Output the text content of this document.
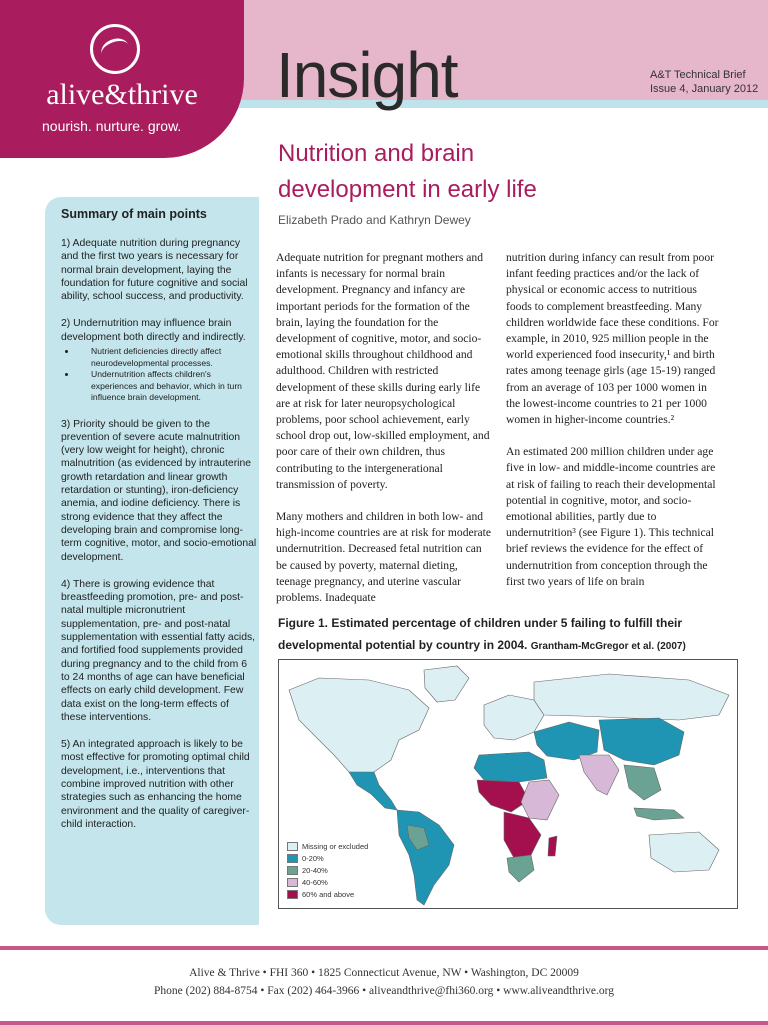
alive&thrive
nourish. nurture. grow.
Insight	A&T Technical Brief
Issue 4, January 2012
Nutrition and brain
development in early life
Elizabeth Prado and Kathryn Dewey
Summary of main points

1) Adequate nutrition during pregnancy and the first two years is necessary for normal brain development, laying the foundation for future cognitive and social ability, school success, and productivity.

2) Undernutrition may influence brain development both directly and indirectly.

• Nutrient deficiencies directly affect neurodevelopmental processes.
• Undernutrition affects children's experiences and behavior, which in turn influence brain development.

3) Priority should be given to the prevention of severe acute malnutrition (very low weight for height), chronic malnutrition (as evidenced by intrauterine growth retardation and linear growth retardation or stunting), iron-deficiency anemia, and iodine deficiency. There is strong evidence that they affect the developing brain and compromise long-term cognitive, motor, and socio-emotional development.

4) There is growing evidence that breastfeeding promotion, pre- and post-natal multiple micronutrient supplementation, pre- and post-natal supplementation with essential fatty acids, and fortified food supplements provided during pregnancy and to the child from 6 to 24 months of age can have beneficial effects on early child development. Few data exist on the long-term effects of these interventions.

5) An integrated approach is likely to be most effective for promoting optimal child development, i.e., interventions that combine improved nutrition with other strategies such as enhancing the home environment and the quality of caregiver-child interaction.

Adequate nutrition for pregnant mothers and infants is necessary for normal brain development. Pregnancy and infancy are important periods for the formation of the brain, laying the foundation for the development of cognitive, motor, and socio-emotional skills throughout childhood and adulthood. Children with restricted development of these skills during early life are at risk for later neuropsychological problems, poor school achievement, early school drop out, low-skilled employment, and poor care of their own children, thus contributing to the intergenerational transmission of poverty.

Many mothers and children in both low- and high-income countries are at risk for moderate undernutrition. Decreased fetal nutrition can be caused by poverty, maternal dieting, teenage pregnancy, and uterine vascular problems. Inadequate

nutrition during infancy can result from poor infant feeding practices and/or the lack of physical or economic access to nutritious foods to complement breastfeeding. Many children worldwide face these conditions. For example, in 2010, 925 million people in the world experienced food insecurity,¹ and birth rates among teenage girls (age 15-19) ranged from an average of 103 per 1000 women in the lowest-income countries to 21 per 1000 women in higher-income countries.²

An estimated 200 million children under age five in low- and middle-income countries are at risk of failing to reach their developmental potential in cognitive, motor, and socio-emotional abilities, partly due to undernutrition³ (see Figure 1). This technical brief reviews the evidence for the effect of undernutrition from conception through the first two years of life on brain

Figure 1. Estimated percentage of children under 5 failing to fulfill their developmental potential by country in 2004. Grantham-McGregor et al. (2007)
Missing or excluded
0-20%
20-40%
40-60%
60% and above
Alive & Thrive • FHI 360 • 1825 Connecticut Avenue, NW • Washington, DC 20009
Phone (202) 884-8754 • Fax (202) 464-3966 • aliveandthrive@fhi360.org • www.aliveandthrive.org
